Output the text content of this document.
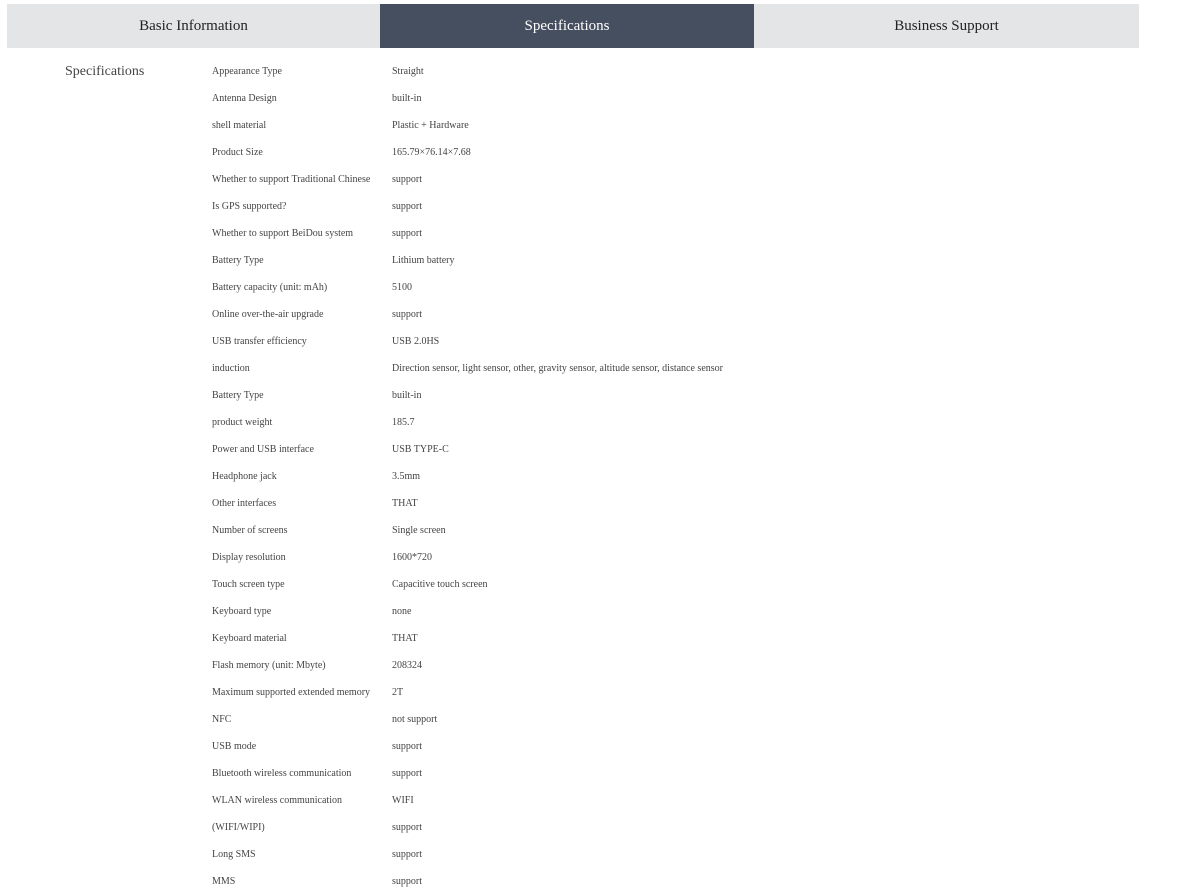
Basic Information	Specifications	Business Support
Specifications	Appearance Type	Straight
Antenna Design	built-in
shell material	Plastic + Hardware
Product Size	165.79×76.14×7.68
Whether to support Traditional Chinese	support
Is GPS supported?	support
Whether to support BeiDou system	support
Battery Type	Lithium battery
Battery capacity (unit: mAh)	5100
Online over-the-air upgrade	support
USB transfer efficiency	USB 2.0HS
induction	Direction sensor, light sensor, other, gravity sensor, altitude sensor, distance sensor
Battery Type	built-in
product weight	185.7
Power and USB interface	USB TYPE-C
Headphone jack	3.5mm
Other interfaces	THAT
Number of screens	Single screen
Display resolution	1600*720
Touch screen type	Capacitive touch screen
Keyboard type	none
Keyboard material	THAT
Flash memory (unit: Mbyte)	208324
Maximum supported extended memory	2T
NFC	not support
USB mode	support
Bluetooth wireless communication	support
WLAN wireless communication	WIFI
(WIFI/WIPI)	support
Long SMS	support
MMS	support
